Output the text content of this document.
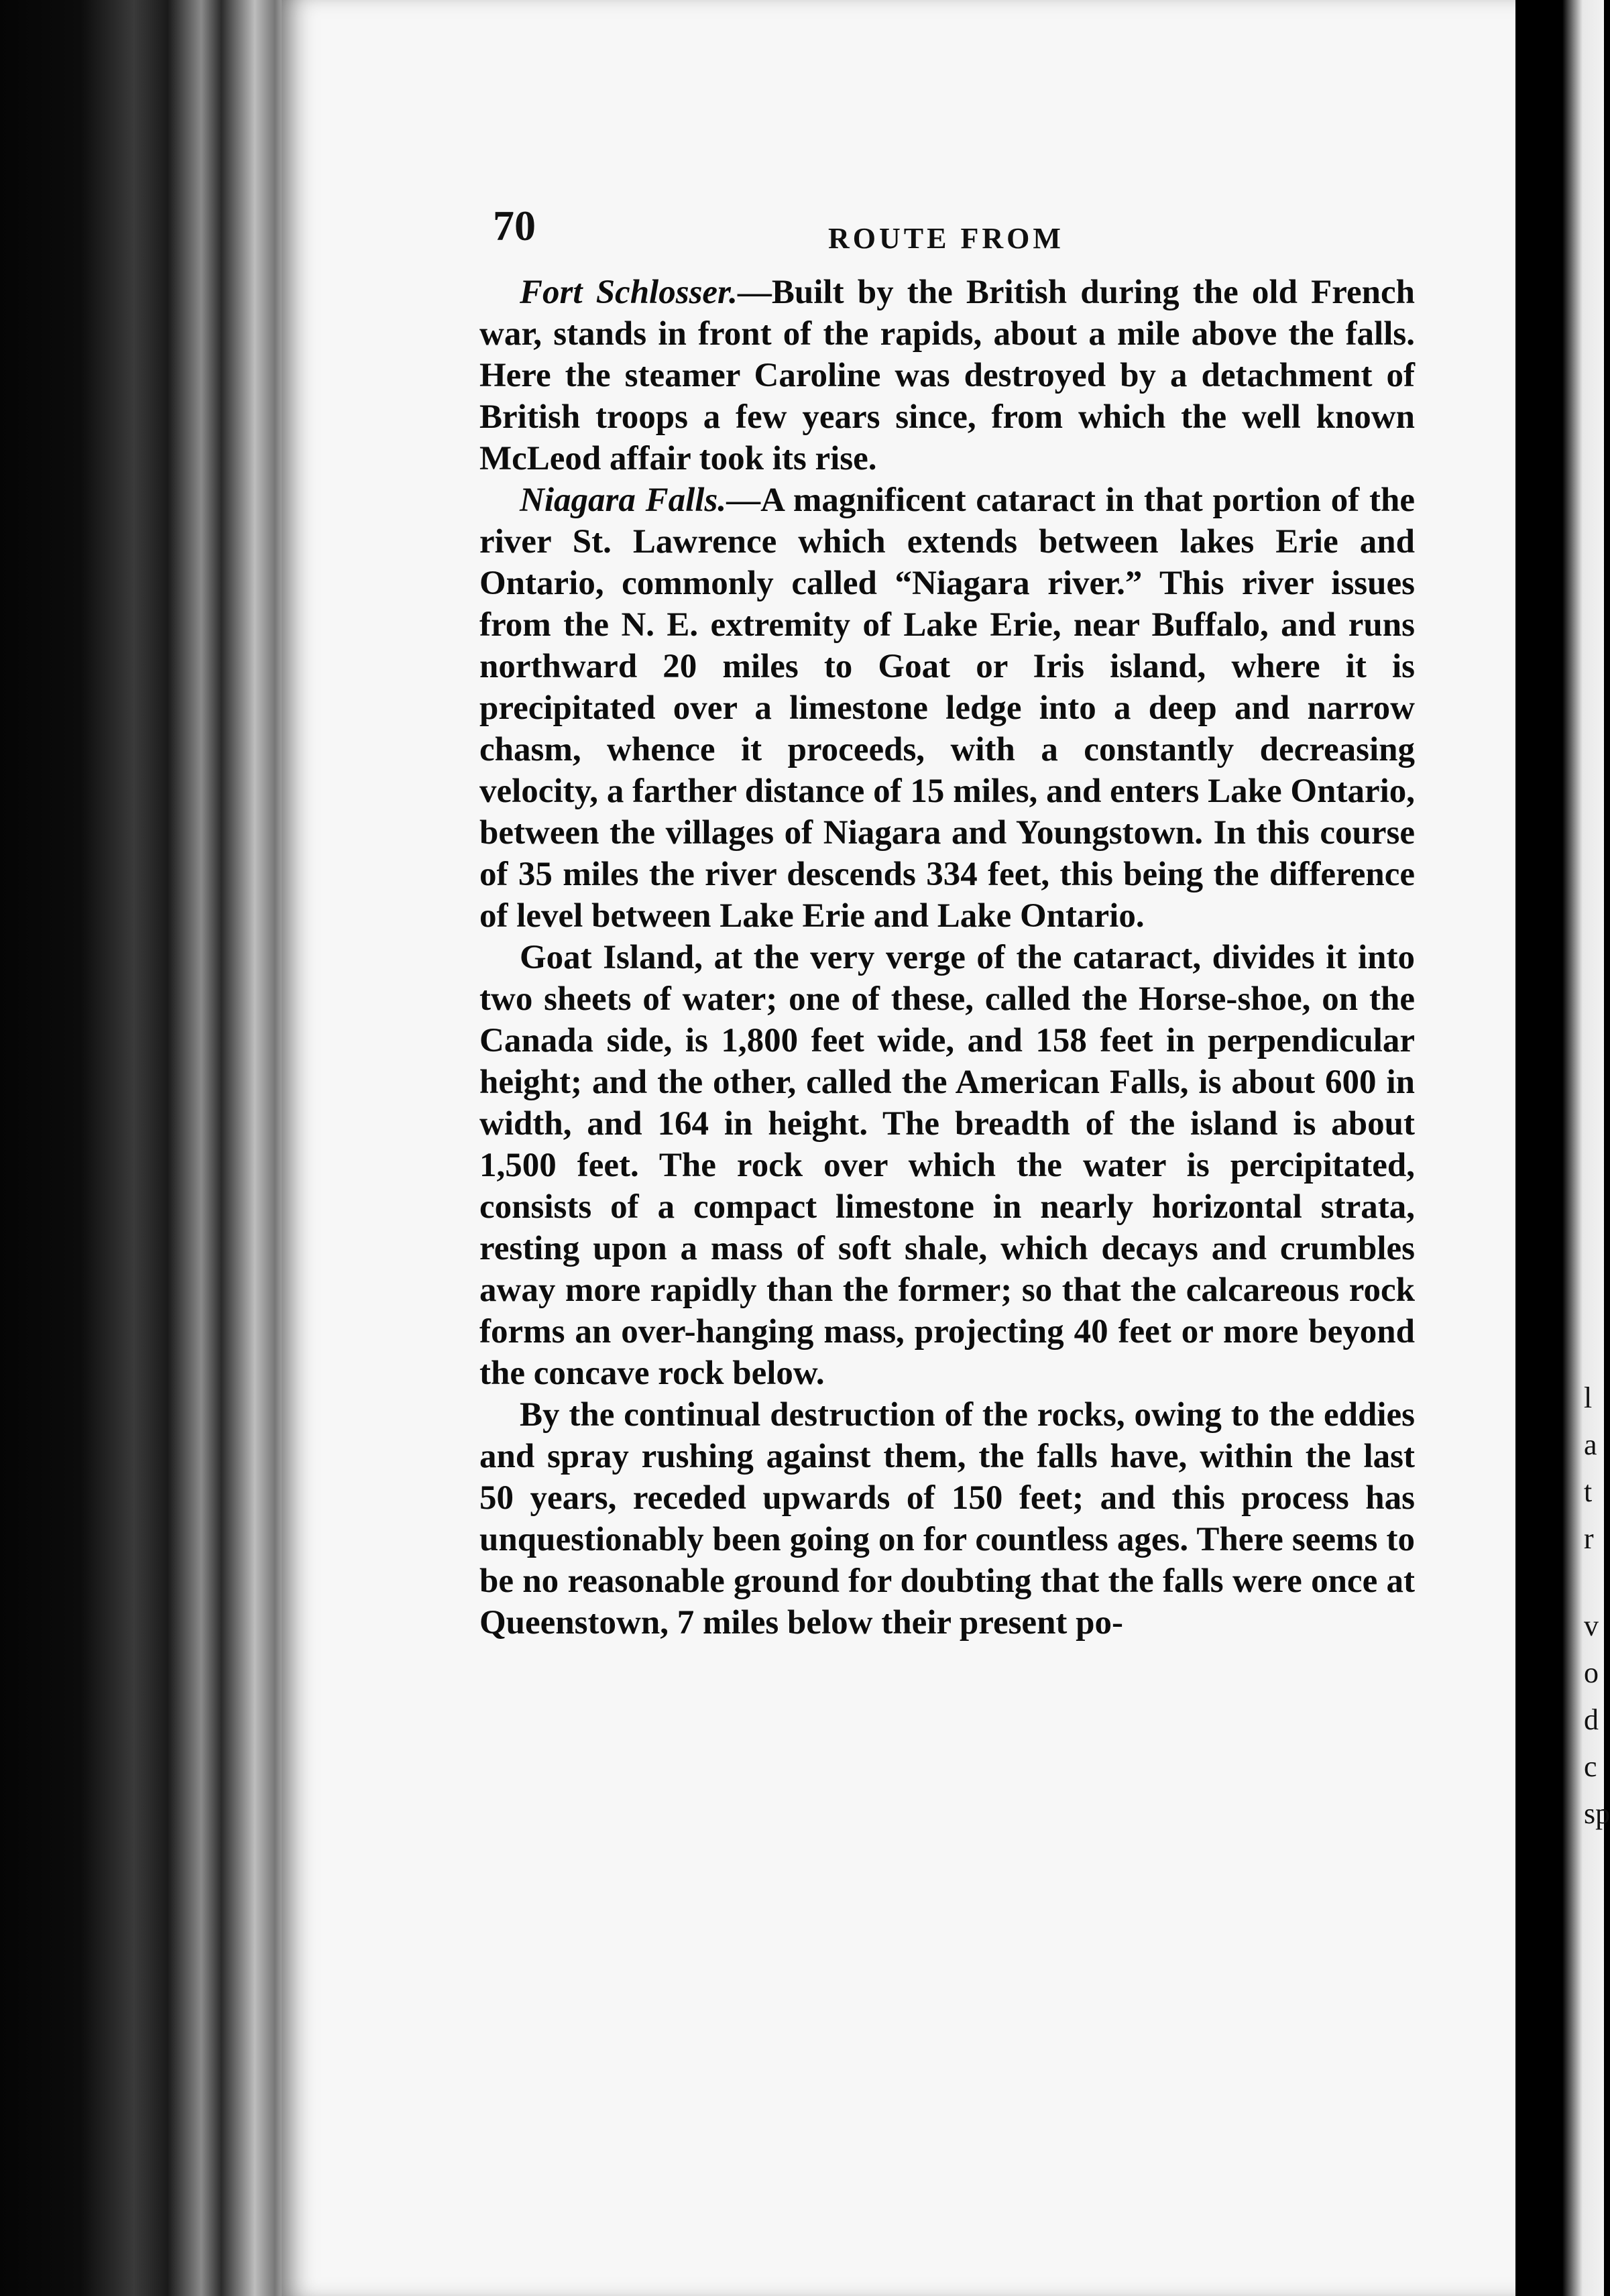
l
a
t
r
v
o
d
c
sp
70	ROUTE FROM

Fort Schlosser.—Built by the British during the old French war, stands in front of the rapids, about a mile above the falls. Here the steamer Caroline was destroyed by a detachment of British troops a few years since, from which the well known McLeod affair took its rise.

Niagara Falls.—A magnificent cataract in that portion of the river St. Lawrence which extends between lakes Erie and Ontario, commonly called “Niagara river.” This river issues from the N. E. extremity of Lake Erie, near Buffalo, and runs northward 20 miles to Goat or Iris island, where it is precipitated over a limestone ledge into a deep and narrow chasm, whence it proceeds, with a constantly decreasing velocity, a farther distance of 15 miles, and enters Lake Ontario, between the villages of Niagara and Youngstown. In this course of 35 miles the river descends 334 feet, this being the difference of level between Lake Erie and Lake Ontario.

Goat Island, at the very verge of the cataract, divides it into two sheets of water; one of these, called the Horse-shoe, on the Canada side, is 1,800 feet wide, and 158 feet in perpendicular height; and the other, called the American Falls, is about 600 in width, and 164 in height. The breadth of the island is about 1,500 feet. The rock over which the water is percipitated, consists of a compact limestone in nearly horizontal strata, resting upon a mass of soft shale, which decays and crumbles away more rapidly than the former; so that the calcareous rock forms an over-hanging mass, projecting 40 feet or more beyond the concave rock below.

By the continual destruction of the rocks, owing to the eddies and spray rushing against them, the falls have, within the last 50 years, receded upwards of 150 feet; and this process has unquestionably been going on for countless ages. There seems to be no reasonable ground for doubting that the falls were once at Queenstown, 7 miles below their present po-
